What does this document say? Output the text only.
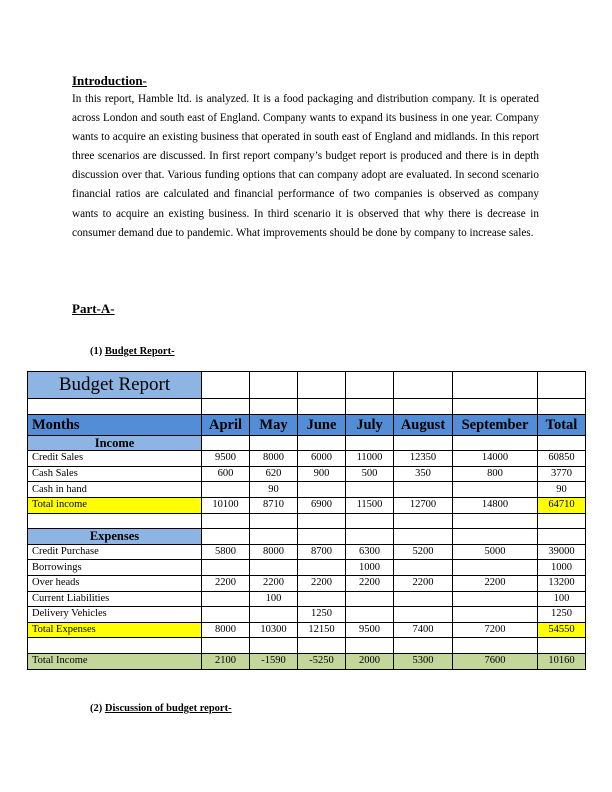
Introduction-
In this report, Hamble ltd. is analyzed. It is a food packaging and distribution company. It is operated across London and south east of England. Company wants to expand its business in one year. Company wants to acquire an existing business that operated in south east of England and midlands. In this report three scenarios are discussed. In first report company’s budget report is produced and there is in depth discussion over that. Various funding options that can company adopt are evaluated. In second scenario financial ratios are calculated and financial performance of two companies is observed as company wants to acquire an existing business. In third scenario it is observed that why there is decrease in consumer demand due to pandemic. What improvements should be done by company to increase sales.
Part-A-
(1) Budget Report-
Budget Report							

Months	April	May	June	July	August	September	Total
Income							
Credit Sales	9500	8000	6000	11000	12350	14000	60850
Cash Sales	600	620	900	500	350	800	3770
Cash in hand		90					90
Total income	10100	8710	6900	11500	12700	14800	64710

Expenses							
Credit Purchase	5800	8000	8700	6300	5200	5000	39000
Borrowings				1000			1000
Over heads	2200	2200	2200	2200	2200	2200	13200
Current Liabilities		100					100
Delivery Vehicles			1250				1250
Total Expenses	8000	10300	12150	9500	7400	7200	54550

Total Income	2100	-1590	-5250	2000	5300	7600	10160
(2) Discussion of budget report-
